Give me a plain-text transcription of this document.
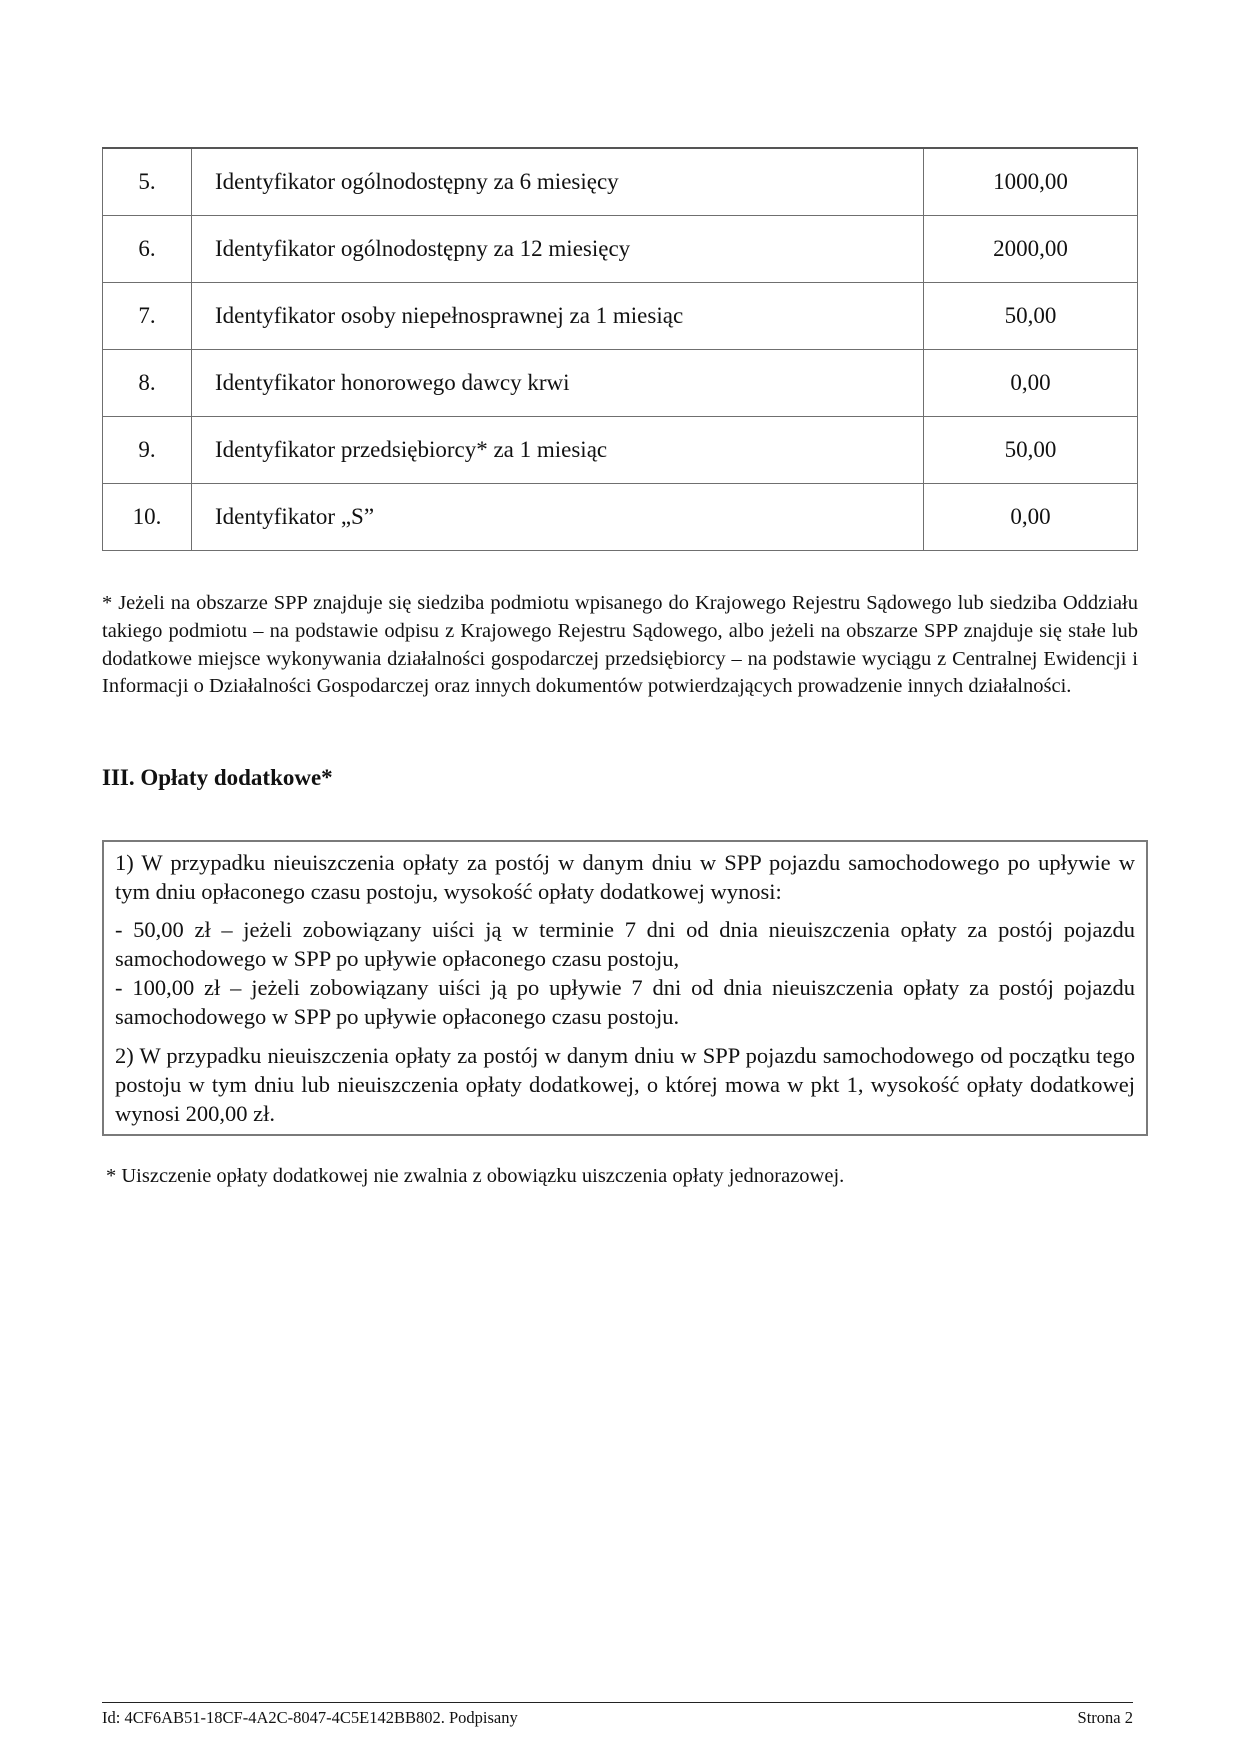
5.	Identyfikator ogólnodostępny za 6 miesięcy	1000,00
6.	Identyfikator ogólnodostępny za 12 miesięcy	2000,00
7.	Identyfikator osoby niepełnosprawnej za 1 miesiąc	50,00
8.	Identyfikator honorowego dawcy krwi	0,00
9.	Identyfikator przedsiębiorcy* za 1 miesiąc	50,00
10.	Identyfikator „S”	0,00

* Jeżeli na obszarze SPP znajduje się siedziba podmiotu wpisanego do Krajowego Rejestru Sądowego lub siedziba Oddziału takiego podmiotu – na podstawie odpisu z Krajowego Rejestru Sądowego, albo jeżeli na obszarze SPP znajduje się stałe lub dodatkowe miejsce wykonywania działalności gospodarczej przedsiębiorcy – na podstawie wyciągu z Centralnej Ewidencji i Informacji o Działalności Gospodarczej oraz innych dokumentów potwierdzających prowadzenie innych działalności.

III. Opłaty dodatkowe*

1) W przypadku nieuiszczenia opłaty za postój w danym dniu w SPP pojazdu samochodowego po upływie w tym dniu opłaconego czasu postoju, wysokość opłaty dodatkowej wynosi:

- 50,00 zł – jeżeli zobowiązany uiści ją w terminie 7 dni od dnia nieuiszczenia opłaty za postój pojazdu samochodowego w SPP po upływie opłaconego czasu postoju,

- 100,00 zł – jeżeli zobowiązany uiści ją po upływie 7 dni od dnia nieuiszczenia opłaty za postój pojazdu samochodowego w SPP po upływie opłaconego czasu postoju.

2) W przypadku nieuiszczenia opłaty za postój w danym dniu w SPP pojazdu samochodowego od początku tego postoju w tym dniu lub nieuiszczenia opłaty dodatkowej, o której mowa w pkt 1, wysokość opłaty dodatkowej wynosi 200,00 zł.

* Uiszczenie opłaty dodatkowej nie zwalnia z obowiązku uiszczenia opłaty jednorazowej.

Id: 4CF6AB51-18CF-4A2C-8047-4C5E142BB802. Podpisany	Strona 2
